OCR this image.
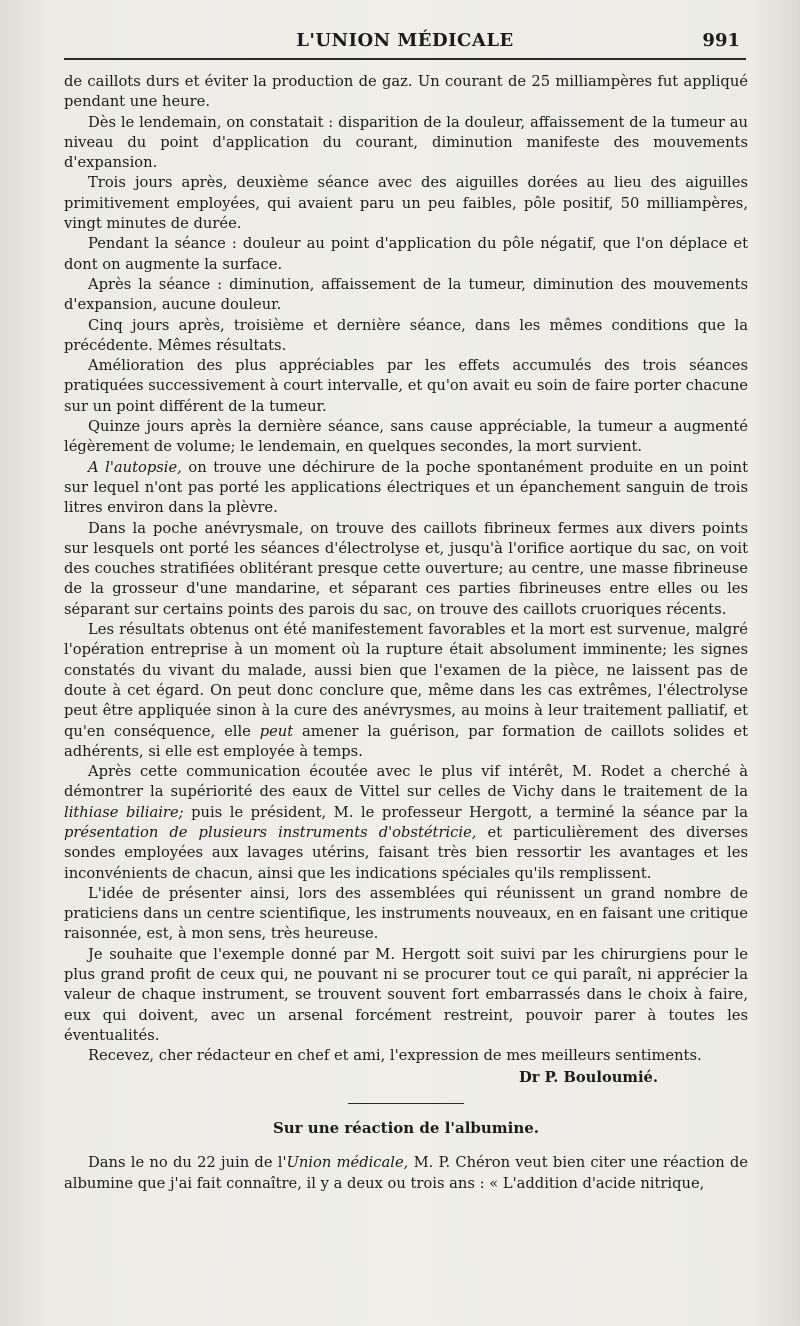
L'UNION MÉDICALE	991

de caillots durs et éviter la production de gaz. Un courant de 25 milliampères fut appliqué pendant une heure.

Dès le lendemain, on constatait : disparition de la douleur, affaissement de la tumeur au niveau du point d'application du courant, diminution manifeste des mouvements d'expansion.

Trois jours après, deuxième séance avec des aiguilles dorées au lieu des aiguilles primitivement employées, qui avaient paru un peu faibles, pôle positif, 50 milliampères, vingt minutes de durée.

Pendant la séance : douleur au point d'application du pôle négatif, que l'on déplace et dont on augmente la surface.

Après la séance : diminution, affaissement de la tumeur, diminution des mouvements d'expansion, aucune douleur.

Cinq jours après, troisième et dernière séance, dans les mêmes conditions que la précédente. Mêmes résultats.

Amélioration des plus appréciables par les effets accumulés des trois séances pratiquées successivement à court intervalle, et qu'on avait eu soin de faire porter chacune sur un point différent de la tumeur.

Quinze jours après la dernière séance, sans cause appréciable, la tumeur a augmenté légèrement de volume; le lendemain, en quelques secondes, la mort survient.

A l'autopsie, on trouve une déchirure de la poche spontanément produite en un point sur lequel n'ont pas porté les applications électriques et un épanchement sanguin de trois litres environ dans la plèvre.

Dans la poche anévrysmale, on trouve des caillots fibrineux fermes aux divers points sur lesquels ont porté les séances d'électrolyse et, jusqu'à l'orifice aortique du sac, on voit des couches stratifiées oblitérant presque cette ouverture; au centre, une masse fibrineuse de la grosseur d'une mandarine, et séparant ces parties fibrineuses entre elles ou les séparant sur certains points des parois du sac, on trouve des caillots cruoriques récents.

Les résultats obtenus ont été manifestement favorables et la mort est survenue, malgré l'opération entreprise à un moment où la rupture était absolument imminente; les signes constatés du vivant du malade, aussi bien que l'examen de la pièce, ne laissent pas de doute à cet égard. On peut donc conclure que, même dans les cas extrêmes, l'électrolyse peut être appliquée sinon à la cure des anévrysmes, au moins à leur traitement palliatif, et qu'en conséquence, elle peut amener la guérison, par formation de caillots solides et adhérents, si elle est employée à temps.

Après cette communication écoutée avec le plus vif intérêt, M. Rodet a cherché à démontrer la supériorité des eaux de Vittel sur celles de Vichy dans le traitement de la lithiase biliaire; puis le président, M. le professeur Hergott, a terminé la séance par la présentation de plusieurs instruments d'obstétricie, et particulièrement des diverses sondes employées aux lavages utérins, faisant très bien ressortir les avantages et les inconvénients de chacun, ainsi que les indications spéciales qu'ils remplissent.

L'idée de présenter ainsi, lors des assemblées qui réunissent un grand nombre de praticiens dans un centre scientifique, les instruments nouveaux, en en faisant une critique raisonnée, est, à mon sens, très heureuse.

Je souhaite que l'exemple donné par M. Hergott soit suivi par les chirurgiens pour le plus grand profit de ceux qui, ne pouvant ni se procurer tout ce qui paraît, ni apprécier la valeur de chaque instrument, se trouvent souvent fort embarrassés dans le choix à faire, eux qui doivent, avec un arsenal forcément restreint, pouvoir parer à toutes les éventualités.

Recevez, cher rédacteur en chef et ami, l'expression de mes meilleurs sentiments.

Dr P. Bouloumié.
Sur une réaction de l'albumine.

Dans le no du 22 juin de l'Union médicale, M. P. Chéron veut bien citer une réaction de albumine que j'ai fait connaître, il y a deux ou trois ans : « L'addition d'acide nitrique,
